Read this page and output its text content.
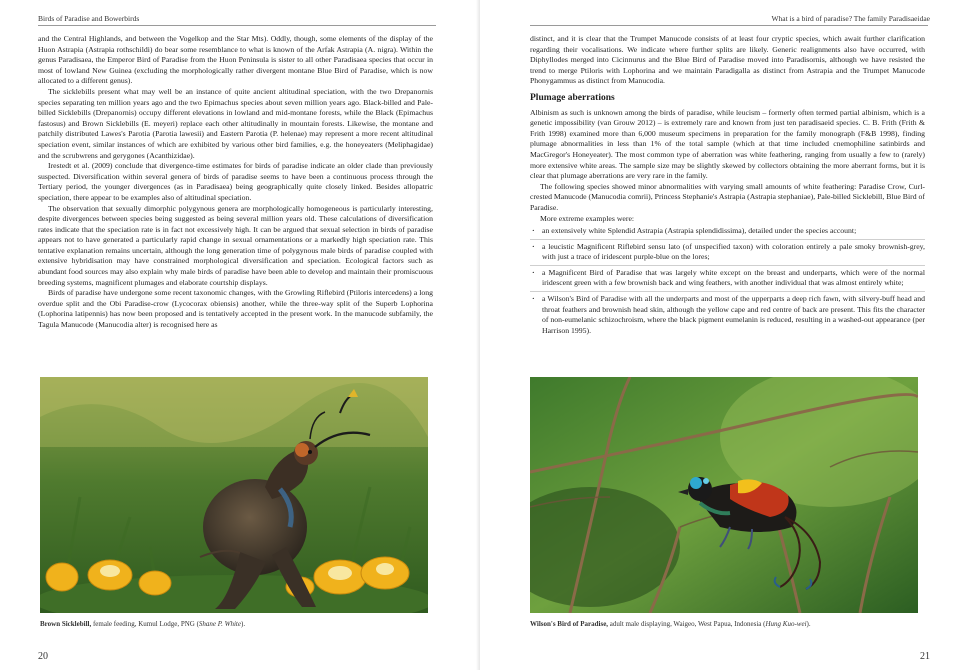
Birds of Paradise and Bowerbirds

and the Central Highlands, and between the Vogelkop and the Star Mts). Oddly, though, some elements of the display of the Huon Astrapia (Astrapia rothschildi) do bear some resemblance to what is known of the Arfak Astrapia (A. nigra). Within the genus Paradisaea, the Emperor Bird of Paradise from the Huon Peninsula is sister to all other Paradisaea species that occur in most of lowland New Guinea (excluding the morphologically rather divergent montane Blue Bird of Paradise, which is now allocated to a different genus).

The sicklebills present what may well be an instance of quite ancient altitudinal speciation, with the two Drepanornis species separating ten million years ago and the two Epimachus species about seven million years ago. Black-billed and Pale-billed Sicklebills (Drepanornis) occupy different elevations in lowland and mid-montane forests, while the Black (Epimachus fastosus) and Brown Sicklebills (E. meyeri) replace each other altitudinally in mountain forests. Likewise, the montane and patchily distributed Lawes's Parotia (Parotia lawesii) and Eastern Parotia (P. helenae) may represent a more recent altitudinal speciation event, similar instances of which are exhibited by various other bird families, e.g. the honeyeaters (Meliphagidae) and the scrubwrens and gerygones (Acanthizidae).

Irestedt et al. (2009) conclude that divergence-time estimates for birds of paradise indicate an older clade than previously suspected. Diversification within several genera of birds of paradise seems to have been a continuous process through the Tertiary period, the younger divergences (as in Paradisaea) being geographically quite closely linked. Besides allopatric speciation, there appear to be examples also of altitudinal speciation.

The observation that sexually dimorphic polygynous genera are morphologically homogeneous is particularly interesting, despite divergences between species being suggested as being several million years old. These calculations of diversification rates indicate that the speciation rate is in fact not excessively high. It can be argued that sexual selection in birds of paradise appears not to have generated a particularly rapid change in sexual ornamentations or a markedly high speciation rate. This tentative explanation remains uncertain, although the long generation time of polygynous male birds of paradise coupled with extensive hybridisation may have constrained morphological diversification and speciation. Ecological factors such as abundant food sources may also explain why male birds of paradise have been able to develop and maintain their promiscuous breeding systems, magnificent plumages and elaborate courtship displays.

Birds of paradise have undergone some recent taxonomic changes, with the Growling Riflebird (Ptiloris intercedens) a long overdue split and the Obi Paradise-crow (Lycocorax obiensis) another, while the three-way split of the Superb Lophorina (Lophorina latipennis) has now been proposed and is tentatively accepted in the present work. In the manucode subfamily, the Tagula Manucode (Manucodia alter) is recognised here as

Brown Sicklebill, female feeding, Kumul Lodge, PNG (Shane P. White).
20
What is a bird of paradise? The family Paradisaeidae

distinct, and it is clear that the Trumpet Manucode consists of at least four cryptic species, which await further clarification regarding their vocalisations. We indicate where further splits are likely. Generic realignments also have occurred, with Diphyllodes merged into Cicinnurus and the Blue Bird of Paradise moved into Paradisornis, although we have resisted the trend to merge Ptiloris with Lophorina and we maintain Paradigalla as distinct from Astrapia and the Trumpet Manucode Phonygammus as distinct from Manucodia.

Plumage aberrations

Albinism as such is unknown among the birds of paradise, while leucism – formerly often termed partial albinism, which is a genetic impossibility (van Grouw 2012) – is extremely rare and known from just ten paradisaeid species. C. B. Frith (Frith & Frith 1998) examined more than 6,000 museum specimens in preparation for the family monograph (F&B 1998), finding plumage abnormalities in less than 1% of the total sample (which at that time included cnemophiline satinbirds and MacGregor's Honeyeater). The most common type of aberration was white feathering, ranging from usually a few to (rarely) more extensive white areas. The sample size may be slightly skewed by collectors obtaining the more aberrant forms, but it is clear that plumage aberrations are very rare in the family.

The following species showed minor abnormalities with varying small amounts of white feathering: Paradise Crow, Curl-crested Manucode (Manucodia comrii), Princess Stephanie's Astrapia (Astrapia stephaniae), Pale-billed Sicklebill, Blue Bird of Paradise.

More extreme examples were:

· an extensively white Splendid Astrapia (Astrapia splendidissima), detailed under the species account;
· a leucistic Magnificent Riflebird sensu lato (of unspecified taxon) with coloration entirely a pale smoky brownish-grey, with just a trace of iridescent purple-blue on the lores;
· a Magnificent Bird of Paradise that was largely white except on the breast and underparts, which were of the normal iridescent green with a few brownish back and wing feathers, with another individual that was almost entirely white;
· a Wilson's Bird of Paradise with all the underparts and most of the upperparts a deep rich fawn, with silvery-buff head and throat feathers and brownish head skin, although the yellow cape and red centre of back are present. This fits the character of non-eumelanic schizochroism, where the black pigment eumelanin is reduced, resulting in a washed-out appearance (per Harrison 1995).
Wilson's Bird of Paradise, adult male displaying, Waigeo, West Papua, Indonesia (Hung Kuo-wei).
21
